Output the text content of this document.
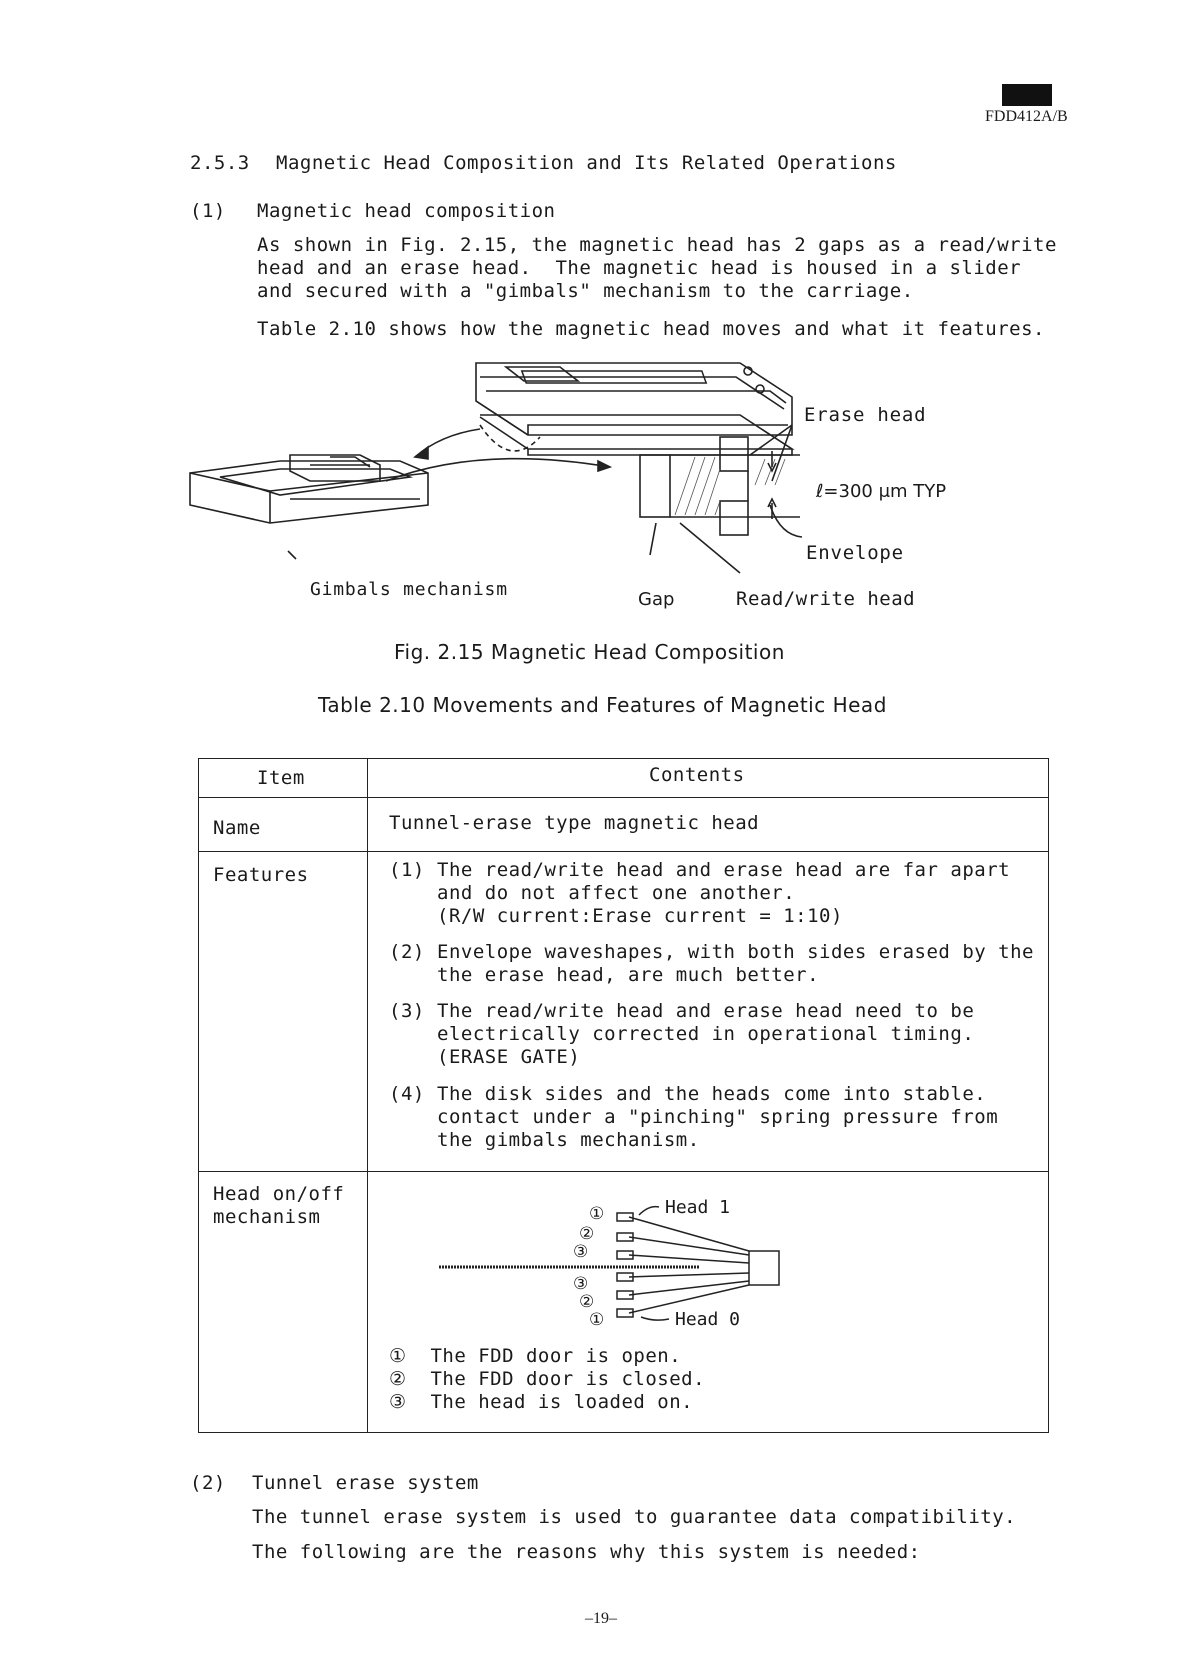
FDD412A/B
2.5.3 Magnetic Head Composition and Its Related Operations
(1) Magnetic head composition
As shown in Fig. 2.15, the magnetic head has 2 gaps as a read/write
head and an erase head.  The magnetic head is housed in a slider
and secured with a "gimbals" mechanism to the carriage.
Table 2.10 shows how the magnetic head moves and what it features.
Erase head
ℓ=300 μm TYP
Envelope
Gimbals mechanism	Gap	Read/write head
Fig. 2.15 Magnetic Head Composition
Table 2.10 Movements and Features of Magnetic Head
Item	Contents
Name	Tunnel-erase type magnetic head
Features	(1) The read/write head and erase head are far apart
and do not affect one another.
(R/W current:Erase current = 1:10)
(2) Envelope waveshapes, with both sides erased by the
the erase head, are much better.
(3) The read/write head and erase head need to be
electrically corrected in operational timing.
(ERASE GATE)
(4) The disk sides and the heads come into stable.
contact under a "pinching" spring pressure from
the gimbals mechanism.
Head on/off
mechanism	①
②
③
③
②
①
Head 1
Head 0
① The FDD door is open.
② The FDD door is closed.
③ The head is loaded on.
(2) Tunnel erase system
The tunnel erase system is used to guarantee data compatibility.
The following are the reasons why this system is needed:
–19–
